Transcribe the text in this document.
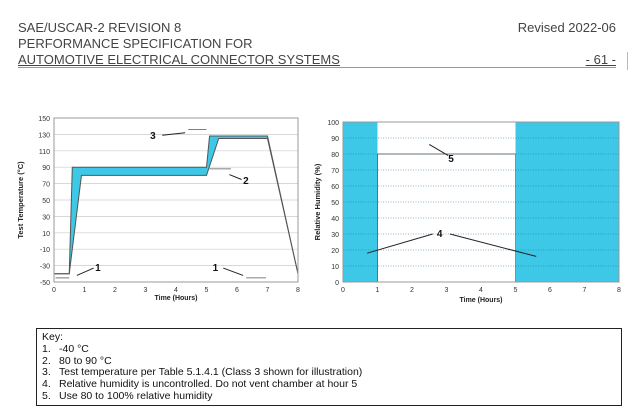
SAE/USCAR-2 REVISION 8
PERFORMANCE SPECIFICATION FOR
AUTOMOTIVE ELECTRICAL CONNECTOR SYSTEMS
Revised 2022-06
- 61 -
-50
-30
-10
10
30
50
70
90
110
130
150
0	1	2	3	4	5	6	7	8
Time (Hours)
Test Temperature (°C)
1	1
2
3
0
10
20
30
40
50
60
70
80
90
100
0	1	2	3	4	5	6	7	8
Time (Hours)
Relative Humidity (%)
5
4
Key:
1. -40 °C
2. 80 to 90 °C
3. Test temperature per Table 5.1.4.1 (Class 3 shown for illustration)
4. Relative humidity is uncontrolled. Do not vent chamber at hour 5
5. Use 80 to 100% relative humidity
